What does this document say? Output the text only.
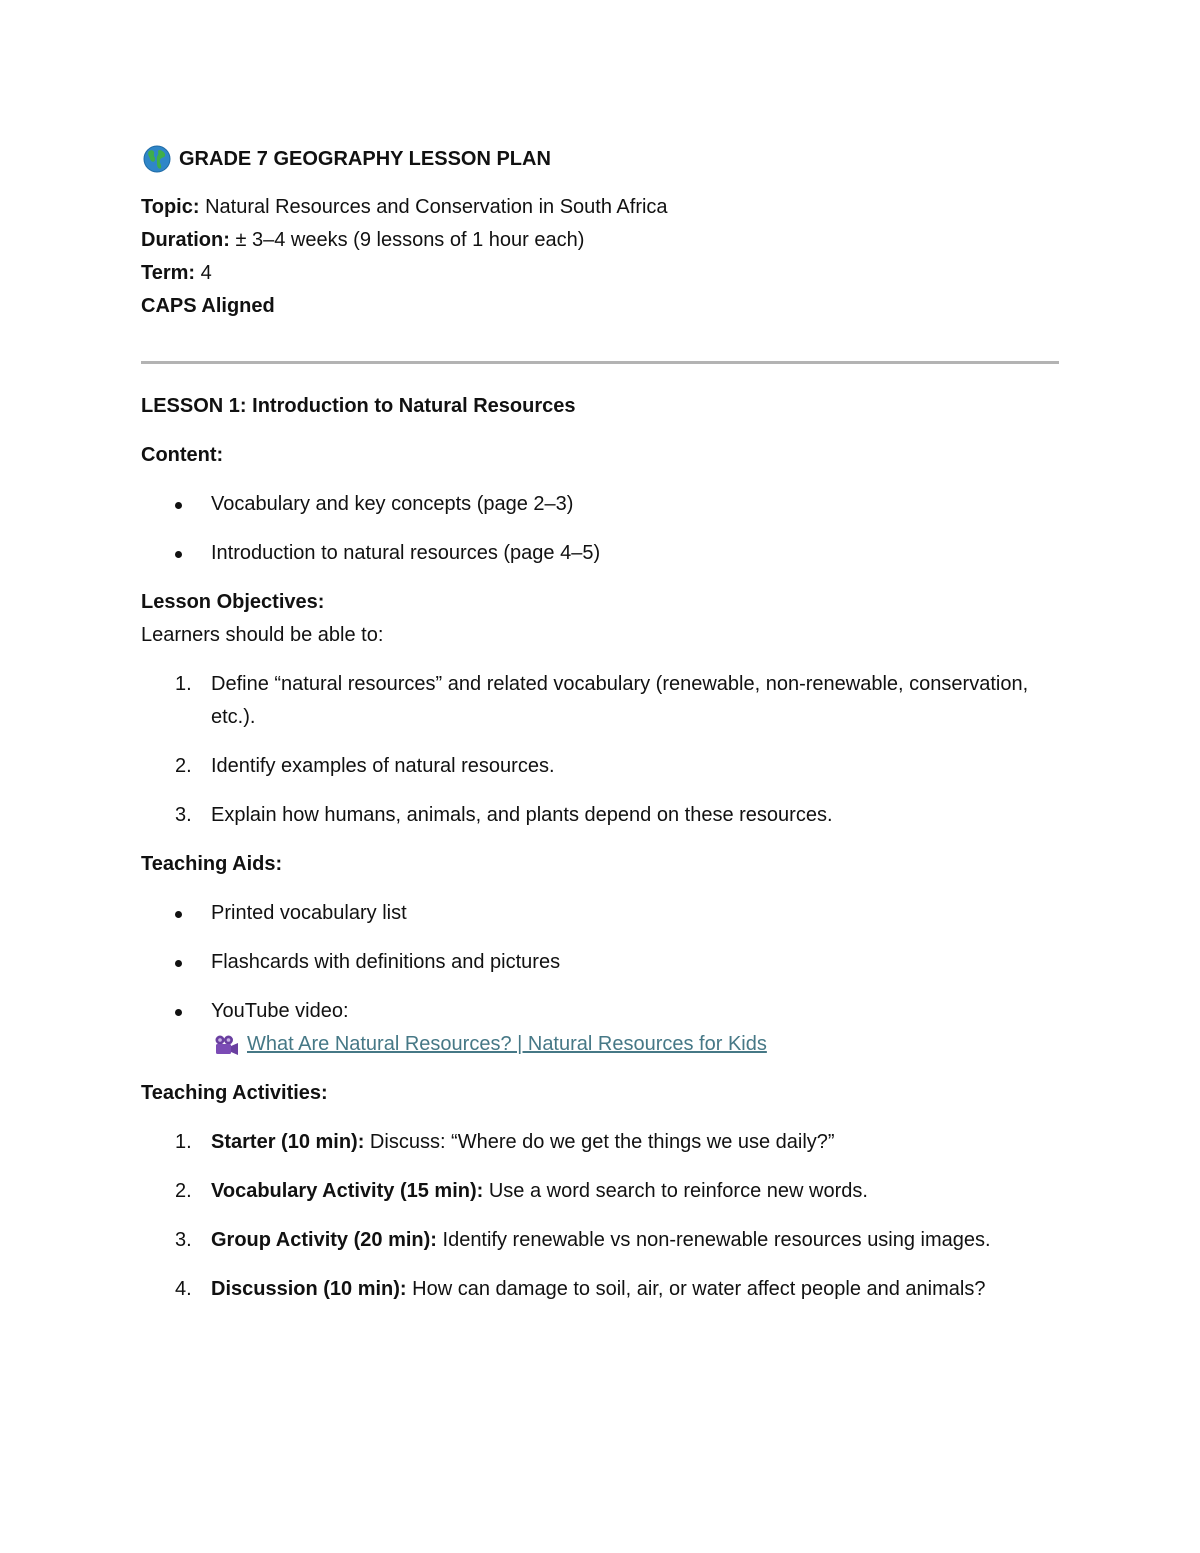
GRADE 7 GEOGRAPHY LESSON PLAN
Topic: Natural Resources and Conservation in South Africa
Duration: ± 3–4 weeks (9 lessons of 1 hour each)
Term: 4
CAPS Aligned
LESSON 1: Introduction to Natural Resources
Content:
Vocabulary and key concepts (page 2–3)
Introduction to natural resources (page 4–5)
Lesson Objectives:
Learners should be able to:
1. Define “natural resources” and related vocabulary (renewable, non-renewable, conservation, etc.).
2. Identify examples of natural resources.
3. Explain how humans, animals, and plants depend on these resources.
Teaching Aids:
Printed vocabulary list
Flashcards with definitions and pictures
YouTube video:
What Are Natural Resources? | Natural Resources for Kids
Teaching Activities:
1. Starter (10 min): Discuss: “Where do we get the things we use daily?”
2. Vocabulary Activity (15 min): Use a word search to reinforce new words.
3. Group Activity (20 min): Identify renewable vs non-renewable resources using images.
4. Discussion (10 min): How can damage to soil, air, or water affect people and animals?
